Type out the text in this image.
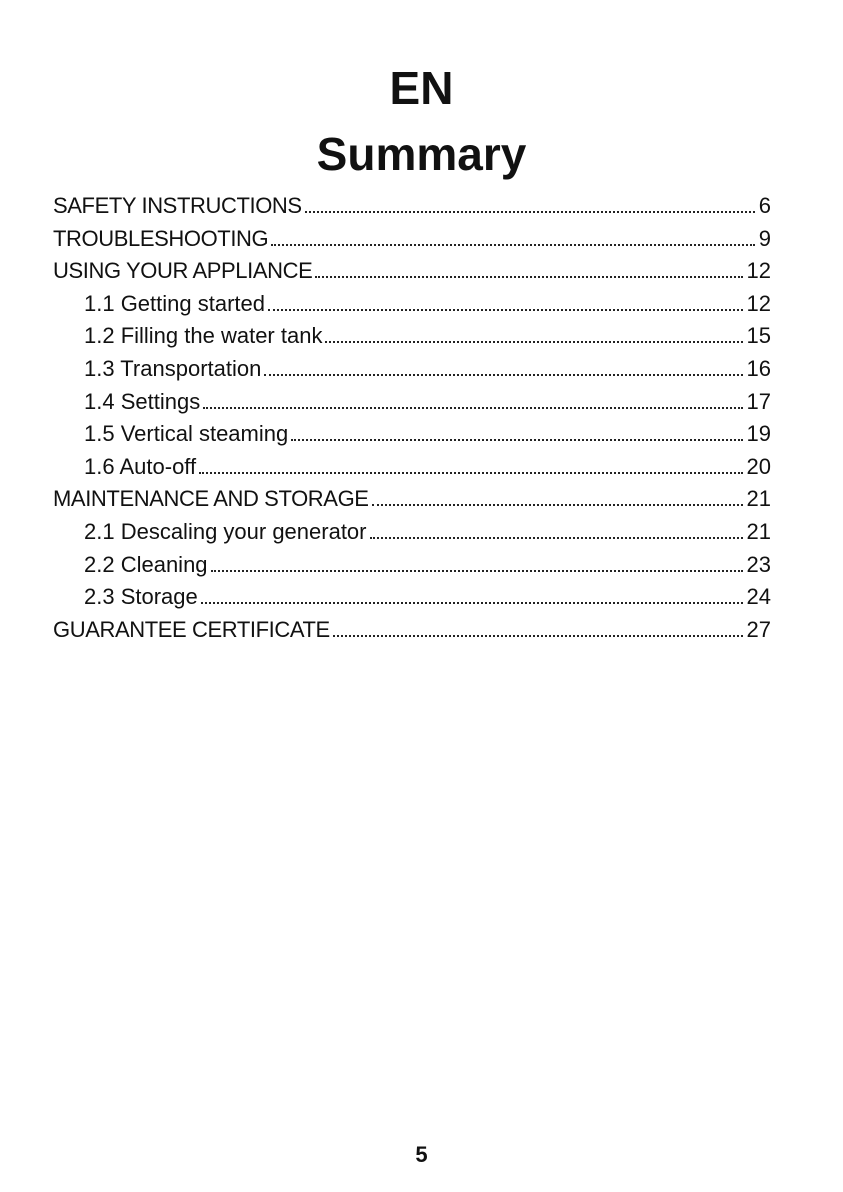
EN
Summary
SAFETY INSTRUCTIONS	6
TROUBLESHOOTING	9
USING YOUR APPLIANCE	12
1.1 Getting started	12
1.2 Filling the water tank	15
1.3 Transportation	16
1.4 Settings	17
1.5 Vertical steaming	19
1.6 Auto-off	20
MAINTENANCE AND STORAGE	21
2.1 Descaling your generator	21
2.2 Cleaning	23
2.3 Storage	24
GUARANTEE CERTIFICATE	27
5
